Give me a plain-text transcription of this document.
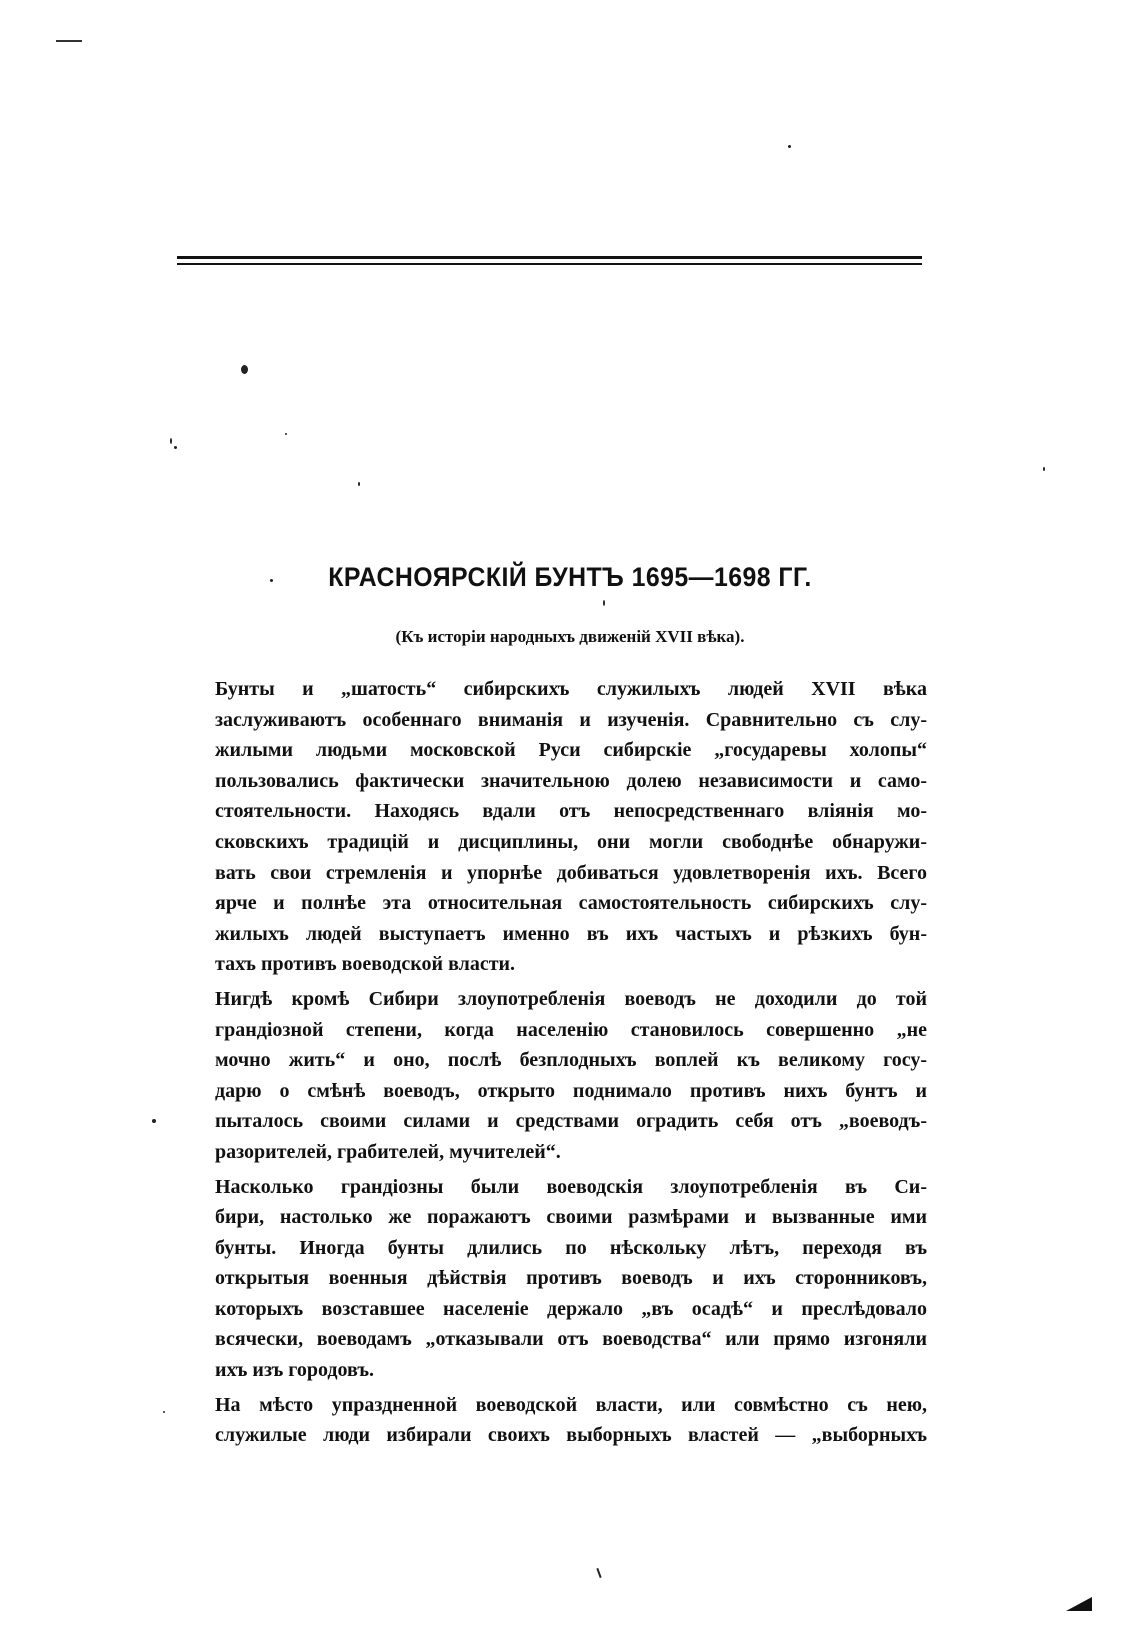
КРАСНОЯРСКІЙ БУНТЪ 1695—1698 ГГ.
(Къ исторіи народныхъ движеній XVII вѣка).

Бунты и „шатость“ сибирскихъ служилыхъ людей XVII вѣка
заслуживаютъ особеннаго вниманія и изученія. Сравнительно съ слу-
жилыми людьми московской Руси сибирскіе „государевы холопы“
пользовались фактически значительною долею независимости и само-
стоятельности. Находясь вдали отъ непосредственнаго вліянія мо-
сковскихъ традицій и дисциплины, они могли свободнѣе обнаружи-
вать свои стремленія и упорнѣе добиваться удовлетворенія ихъ. Всего
ярче и полнѣе эта относительная самостоятельность сибирскихъ слу-
жилыхъ людей выступаетъ именно въ ихъ частыхъ и рѣзкихъ бун-
тахъ противъ воеводской власти.

Нигдѣ кромѣ Сибири злоупотребленія воеводъ не доходили до той
грандіозной степени, когда населенію становилось совершенно „не
мочно жить“ и оно, послѣ безплодныхъ воплей къ великому госу-
дарю о смѣнѣ воеводъ, открыто поднимало противъ нихъ бунтъ и
пыталось своими силами и средствами оградить себя отъ „воеводъ-
разорителей, грабителей, мучителей“.

Насколько грандіозны были воеводскія злоупотребленія въ Си-
бири, настолько же поражаютъ своими размѣрами и вызванные ими
бунты. Иногда бунты длились по нѣскольку лѣтъ, переходя въ
открытыя военныя дѣйствія противъ воеводъ и ихъ сторонниковъ,
которыхъ возставшее населеніе держало „въ осадѣ“ и преслѣдовало
всячески, воеводамъ „отказывали отъ воеводства“ или прямо изгоняли
ихъ изъ городовъ.

На мѣсто упраздненной воеводской власти, или совмѣстно съ нею,
служилые люди избирали своихъ выборныхъ властей — „выборныхъ
